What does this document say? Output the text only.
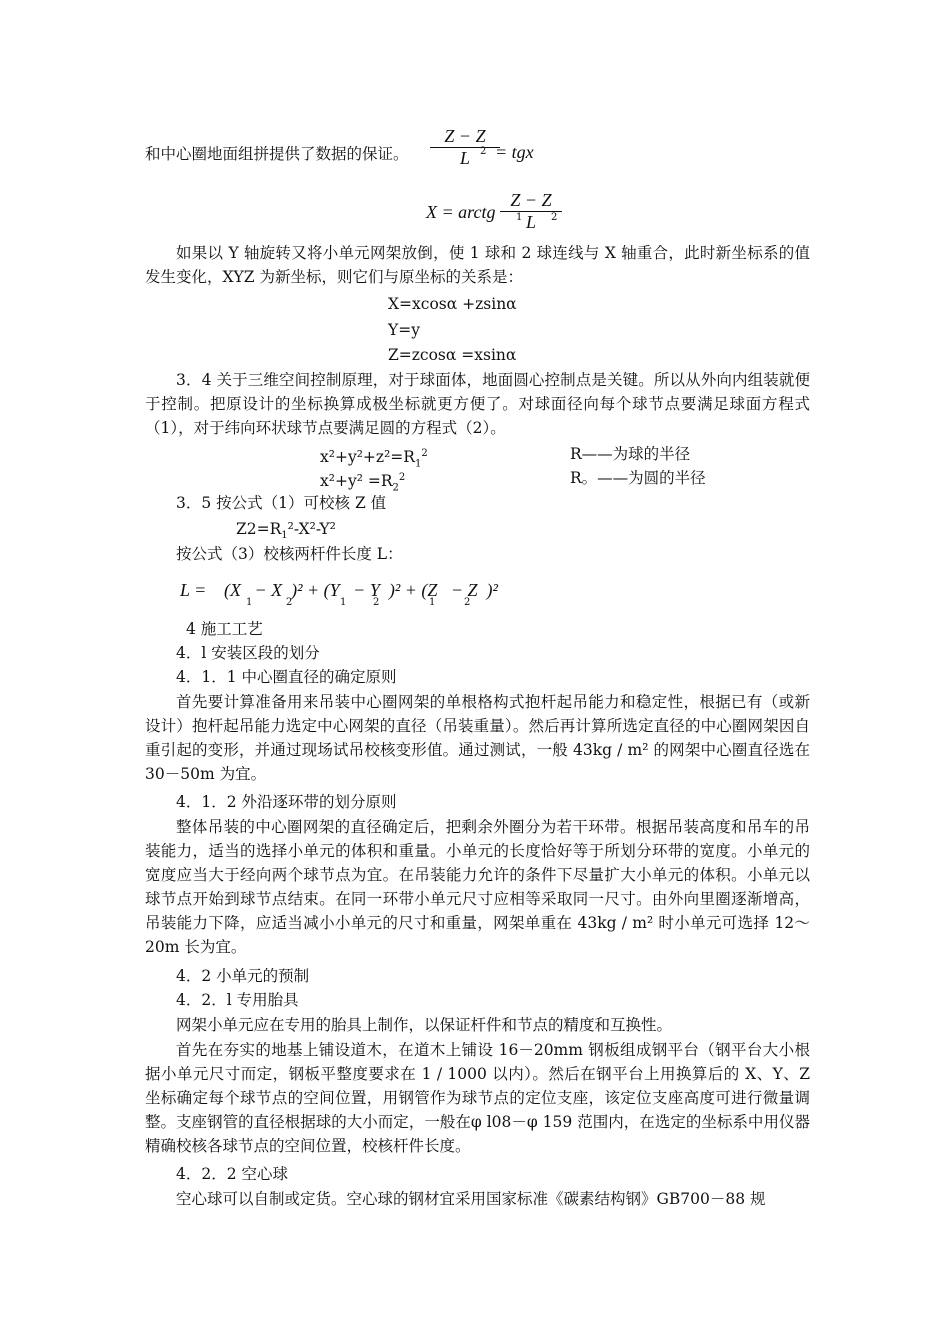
和中心圈地面组拼提供了数据的保证。
Z − Z
L	2 = tgx
X = arctg
Z − Z
L
1	2
如果以 Y 轴旋转又将小单元网架放倒，使 1 球和 2 球连线与 X 轴重合，此时新坐标系的值发生变化，XYZ 为新坐标，则它们与原坐标的关系是：
X=xcosα +zsinα
Y=y
Z=zcosα =xsinα
3．4 关于三维空间控制原理，对于球面体，地面圆心控制点是关键。所以从外向内组装就便于控制。把原设计的坐标换算成极坐标就更方便了。对球面径向每个球节点要满足球面方程式（1），对于纬向环状球节点要满足圆的方程式（2）。
$x^2+y^2+z^2=R_1^2$	R——为球的半径
$x^2+y^2 =R_2^2$	R。——为圆的半径
3．5 按公式（1）可校核 Z 值
$Z2=R_1^2-X^2-Y^2$
按公式（3）校核两杆件长度 L：
L = (X   − X  )² + (Y   − Y  )² + (Z   − Z  )²
1	2	1	2	1	2
4 施工工艺
4．l 安装区段的划分
4．1．1 中心圈直径的确定原则
首先要计算准备用来吊装中心圈网架的单根格构式抱杆起吊能力和稳定性，根据已有（或新设计）抱杆起吊能力选定中心网架的直径（吊装重量）。然后再计算所选定直径的中心圈网架因自重引起的变形，并通过现场试吊校核变形值。通过测试，一般 43kg / m² 的网架中心圈直径选在 30－50m 为宜。
4．1．2 外沿逐环带的划分原则
整体吊装的中心圈网架的直径确定后，把剩余外圈分为若干环带。根据吊装高度和吊车的吊装能力，适当的选择小单元的体积和重量。小单元的长度恰好等于所划分环带的宽度。小单元的宽度应当大于经向两个球节点为宜。在吊装能力允许的条件下尽量扩大小单元的体积。小单元以球节点开始到球节点结束。在同一环带小单元尺寸应相等采取同一尺寸。由外向里圈逐渐增高，吊装能力下降，应适当减小小单元的尺寸和重量，网架单重在 43kg / m² 时小单元可选择 12～20m 长为宜。
4．2 小单元的预制
4．2．l 专用胎具
网架小单元应在专用的胎具上制作，以保证杆件和节点的精度和互换性。
首先在夯实的地基上铺设道木，在道木上铺设 16－20mm 钢板组成钢平台（钢平台大小根据小单元尺寸而定，钢板平整度要求在 1 / 1000 以内）。然后在钢平台上用换算后的 X、Y、Z 坐标确定每个球节点的空间位置，用钢管作为球节点的定位支座，该定位支座高度可进行微量调整。支座钢管的直径根据球的大小而定，一般在φ l08－φ 159 范围内，在选定的坐标系中用仪器精确校核各球节点的空间位置，校核杆件长度。
4．2．2 空心球
空心球可以自制或定货。空心球的钢材宜采用国家标准《碳素结构钢》GB700－88 规
